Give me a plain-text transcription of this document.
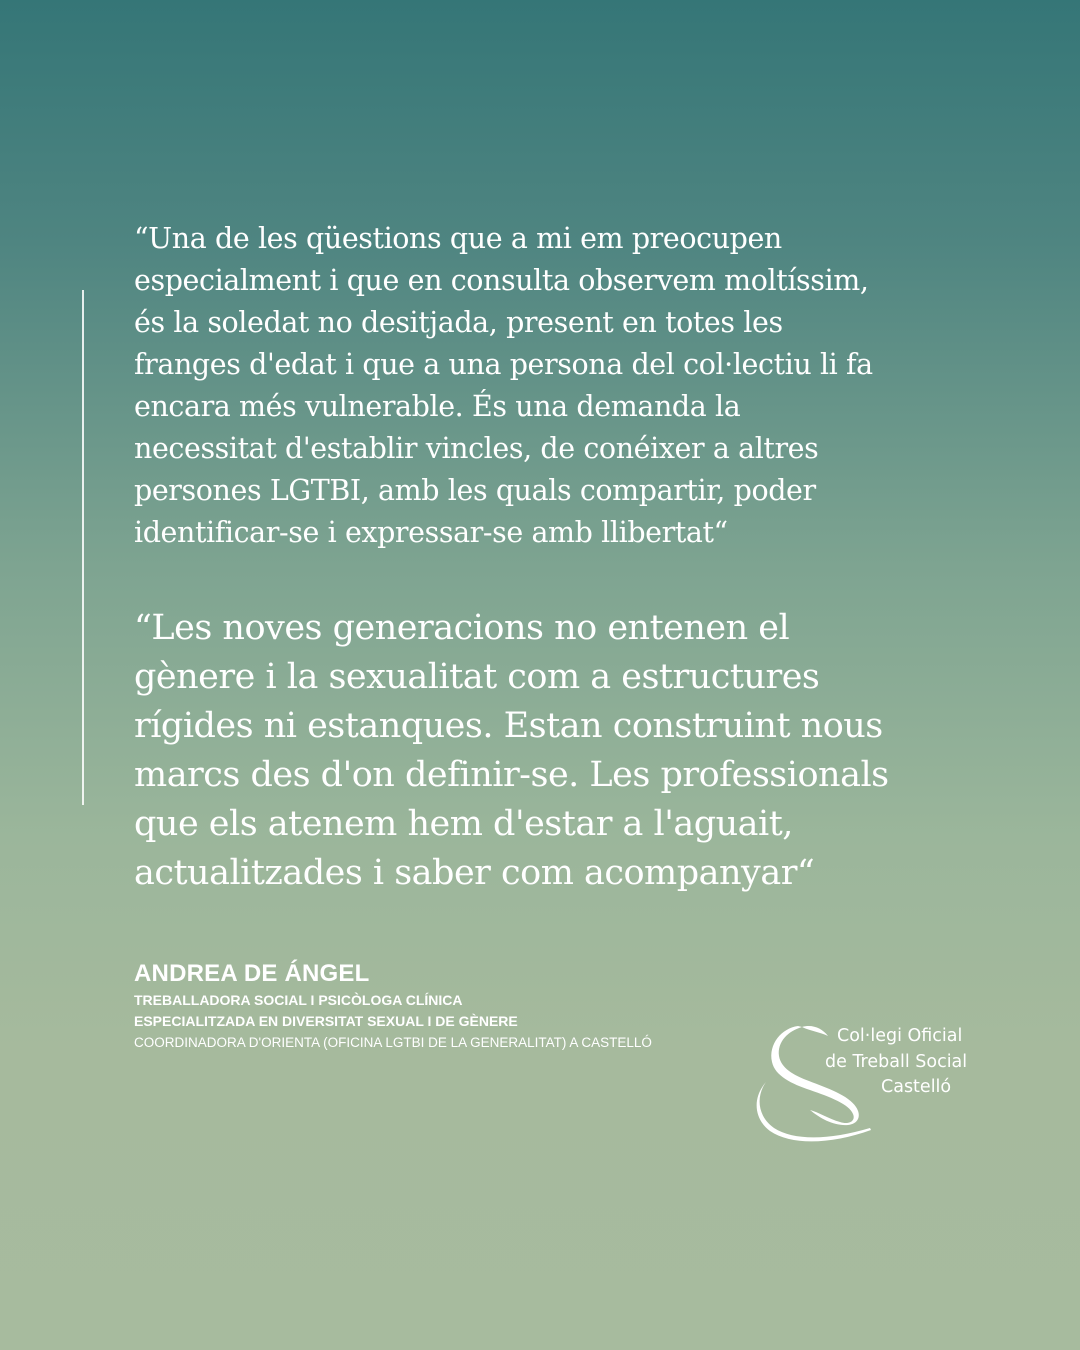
“Una de les qüestions que a mi em preocupen
especialment i que en consulta observem moltíssim,
és la soledat no desitjada, present en totes les
franges d'edat i que a una persona del col·lectiu li fa
encara més vulnerable. És una demanda la
necessitat d'establir vincles, de conéixer a altres
persones LGTBI, amb les quals compartir, poder
identificar-se i expressar-se amb llibertat“

“Les noves generacions no entenen el
gènere i la sexualitat com a estructures
rígides ni estanques. Estan construint nous
marcs des d'on definir-se. Les professionals
que els atenem hem d'estar a l'aguait,
actualitzades i saber com acompanyar“

ANDREA DE ÁNGEL
TREBALLADORA SOCIAL I PSICÒLOGA CLÍNICA
ESPECIALITZADA EN DIVERSITAT SEXUAL I DE GÈNERE
COORDINADORA D'ORIENTA (OFICINA LGTBI DE LA GENERALITAT) A CASTELLÓ	Col·legi Oficial
de Treball Social
Castelló
